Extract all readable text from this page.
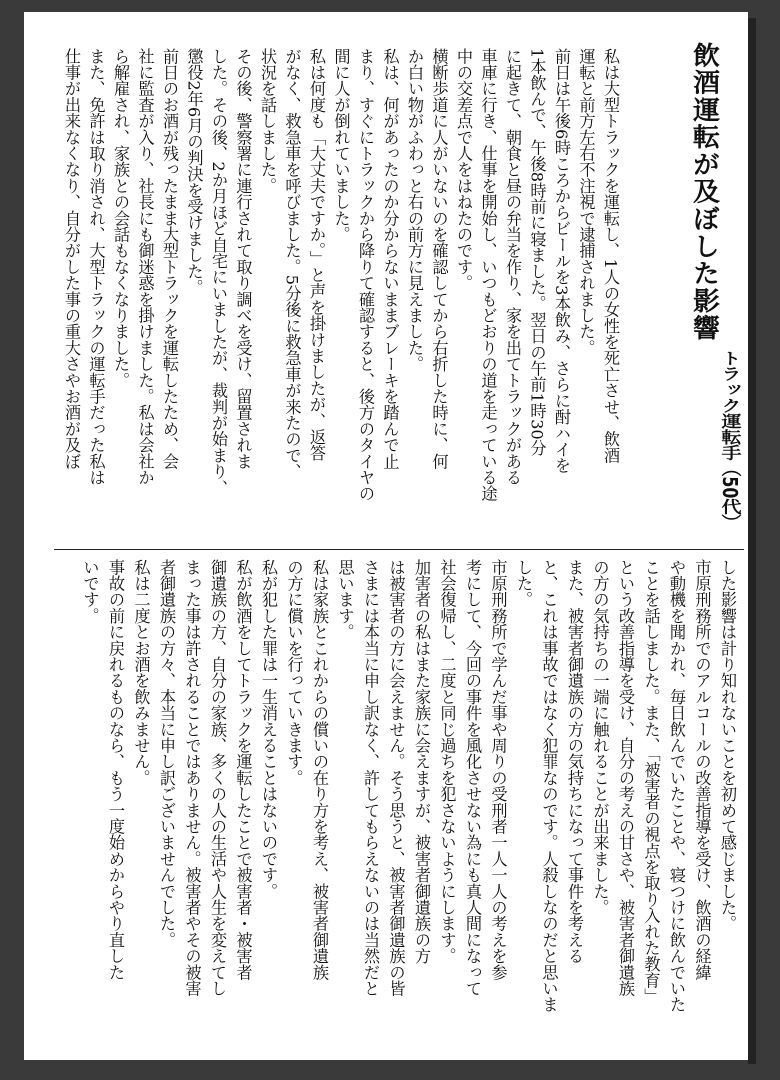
飲酒運転が及ぼした影響
トラック運転手（50代）
私は大型トラックを運転し、1人の女性を死亡させ、飲酒
運転と前方左右不注視で逮捕されました。
前日は午後6時ころからビールを3本飲み、さらに酎ハイを
1本飲んで、午後8時前に寝ました。翌日の午前1時30分
に起きて、朝食と昼の弁当を作り、家を出てトラックがある
車庫に行き、仕事を開始し、いつもどおりの道を走っている途
中の交差点で人をはねたのです。
横断歩道に人がいないのを確認してから右折した時に、何
か白い物がふわっと右の前方に見えました。
私は、何があったのか分からないままブレーキを踏んで止
まり、すぐにトラックから降りて確認すると、後方のタイヤの
間に人が倒れていました。
私は何度も「大丈夫ですか。」と声を掛けましたが、返答
がなく、救急車を呼びました。5分後に救急車が来たので、
状況を話しました。
その後、警察署に連行されて取り調べを受け、留置されま
した。その後、2か月ほど自宅にいましたが、裁判が始まり、
懲役2年6月の判決を受けました。
前日のお酒が残ったまま大型トラックを運転したため、会
社に監査が入り、社長にも御迷惑を掛けました。私は会社か
ら解雇され、家族との会話もなくなりました。
また、免許は取り消され、大型トラックの運転手だった私は
仕事が出来なくなり、自分がした事の重大さやお酒が及ぼ
した影響は計り知れないことを初めて感じました。
市原刑務所でのアルコールの改善指導を受け、飲酒の経緯
や動機を聞かれ、毎日飲んでいたことや、寝つけに飲んでいた
ことを話しました。また、「被害者の視点を取り入れた教育」
という改善指導を受け、自分の考えの甘さや、被害者御遺族
の方の気持ちの一端に触れることが出来ました。
また、被害者御遺族の方の気持ちになって事件を考える
と、これは事故ではなく犯罪なのです。人殺しなのだと思いま
した。
市原刑務所で学んだ事や周りの受刑者一人一人の考えを参
考にして、今回の事件を風化させない為にも真人間になって
社会復帰し、二度と同じ過ちを犯さないようにします。
加害者の私はまた家族に会えますが、被害者御遺族の方
は被害者の方に会えません。そう思うと、被害者御遺族の皆
さまには本当に申し訳なく、許してもらえないのは当然だと
思います。
私は家族とこれからの償いの在り方を考え、被害者御遺族
の方に償いを行っていきます。
私が犯した罪は一生消えることはないのです。
私が飲酒をしてトラックを運転したことで被害者・被害者
御遺族の方、自分の家族、多くの人の生活や人生を変えてし
まった事は許されることではありません。被害者やその被害
者御遺族の方々、本当に申し訳ございませんでした。
私は二度とお酒を飲みません。
事故の前に戻れるものなら、もう一度始めからやり直した
いです。
